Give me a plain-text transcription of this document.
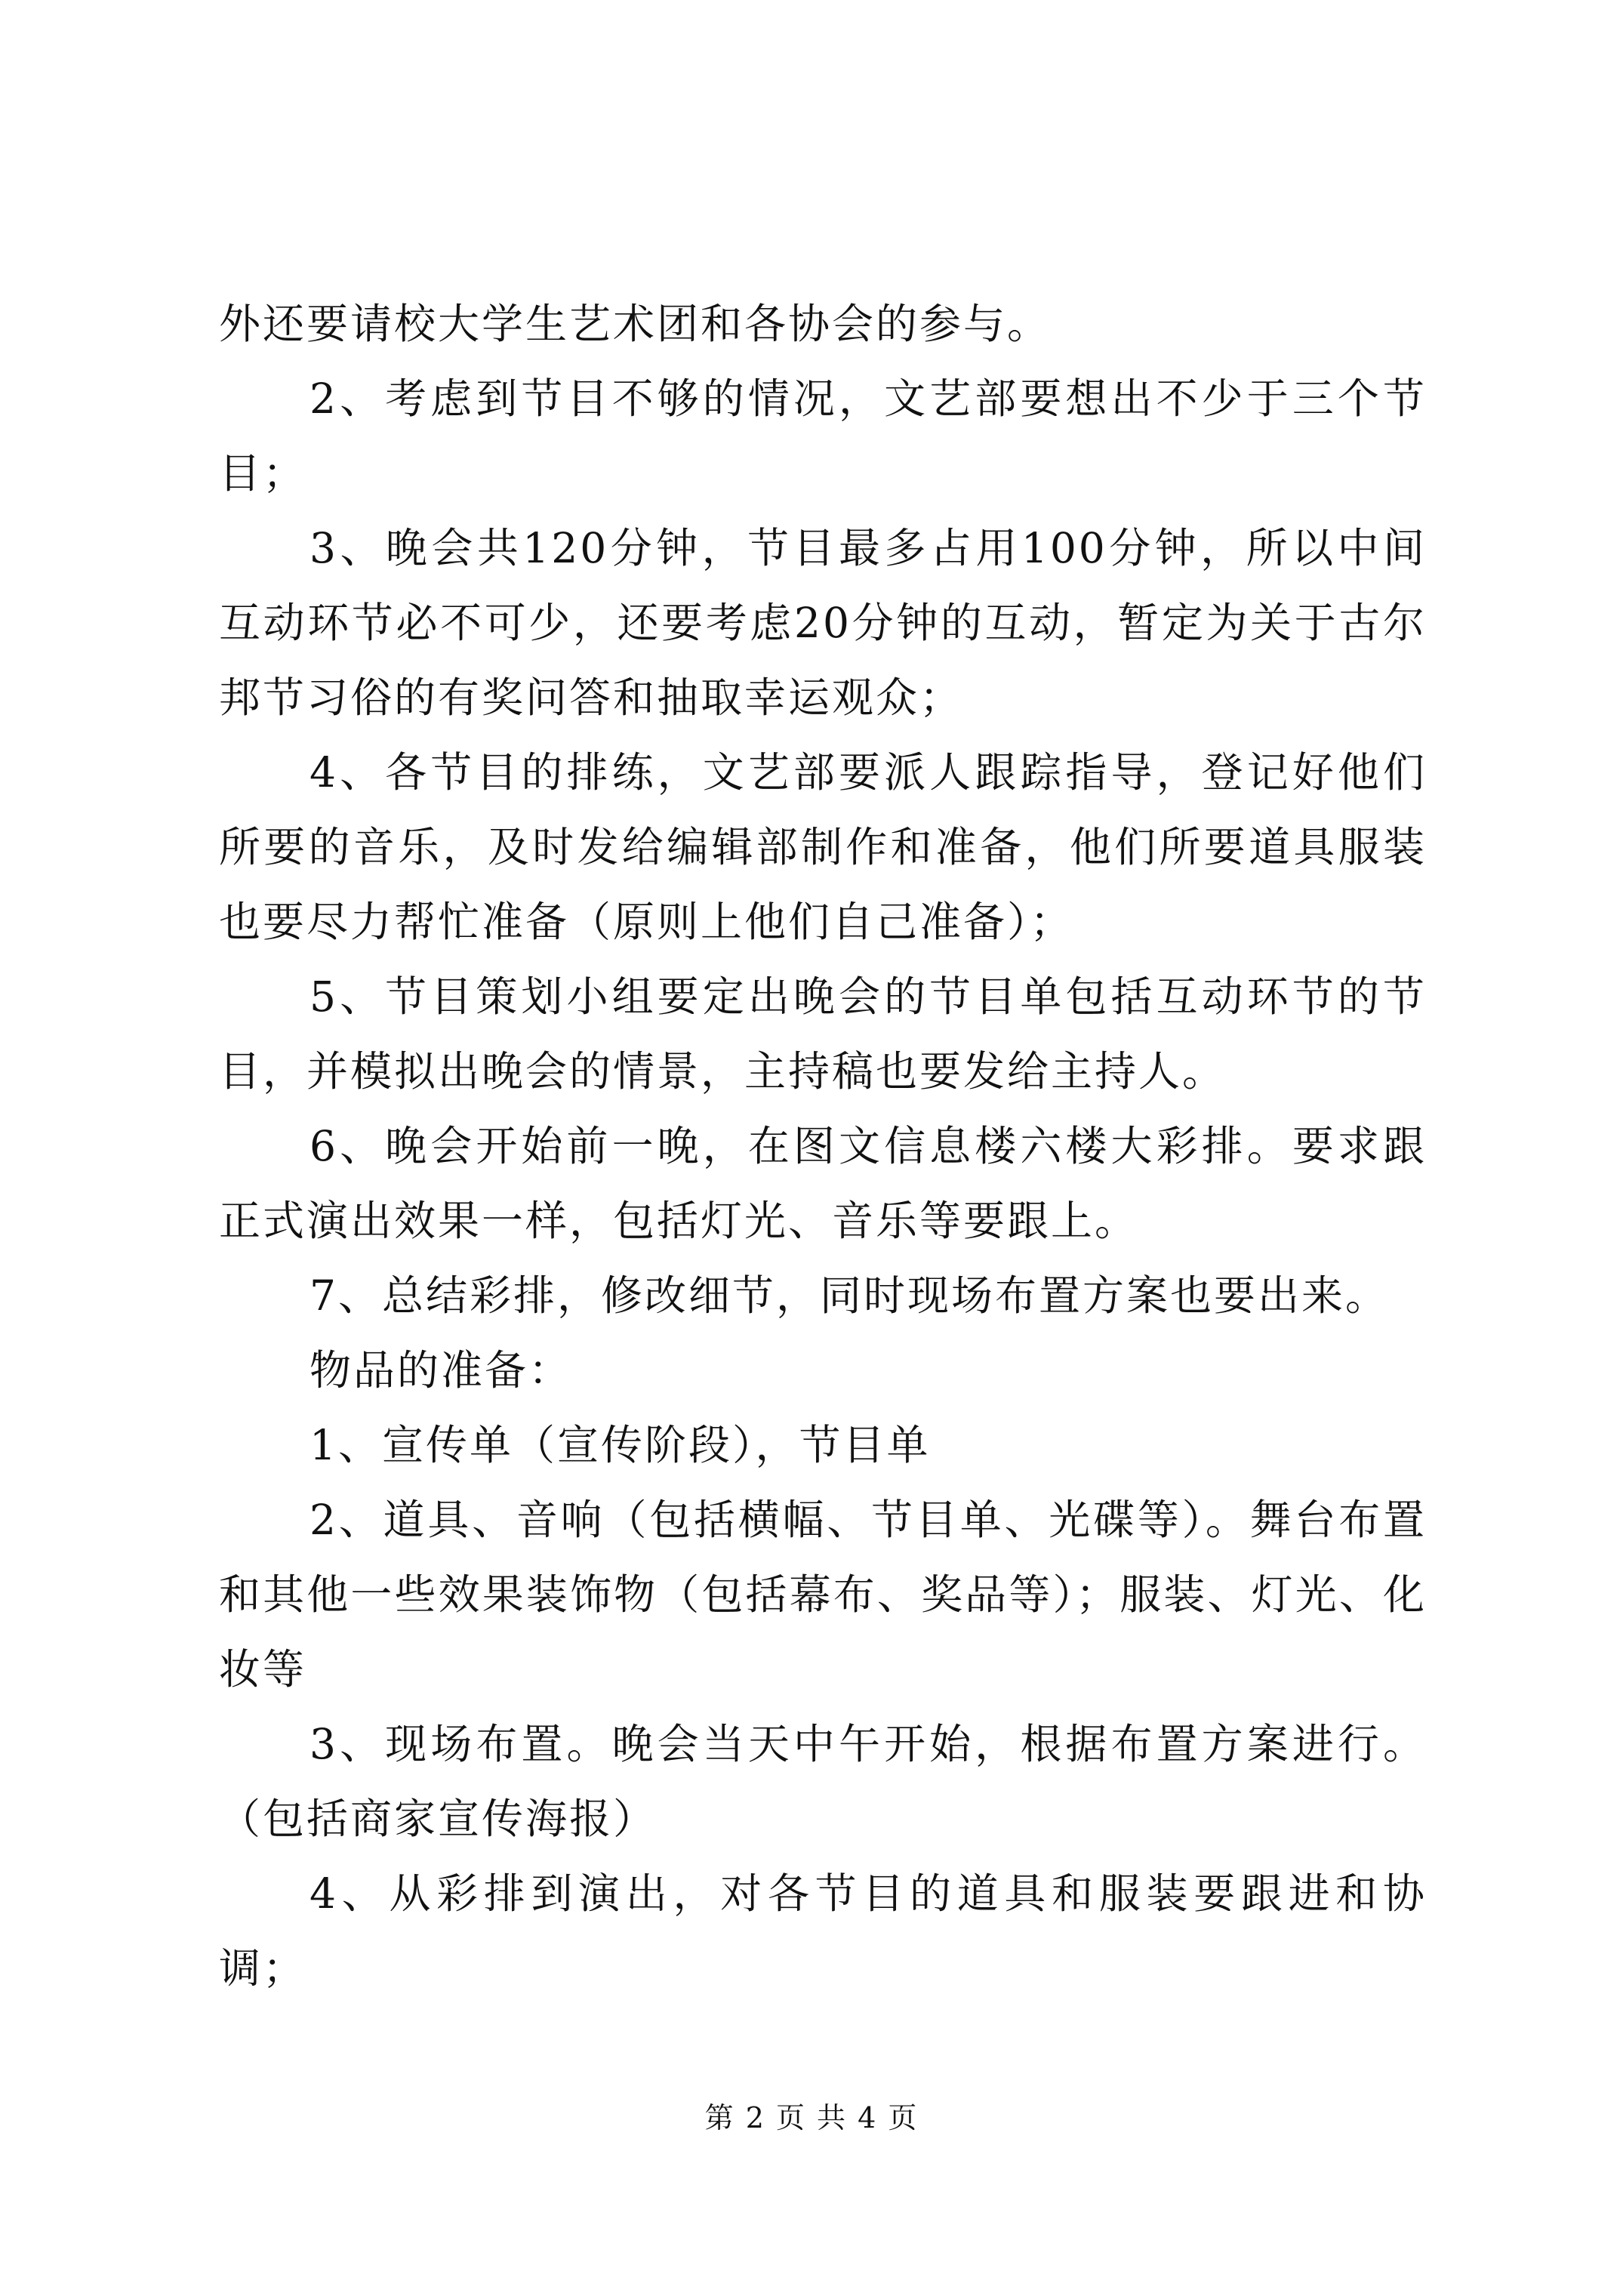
外还要请校大学生艺术团和各协会的参与。

2、考虑到节目不够的情况，文艺部要想出不少于三个节目；

3、晚会共120分钟，节目最多占用100分钟，所以中间互动环节必不可少，还要考虑20分钟的互动，暂定为关于古尔邦节习俗的有奖问答和抽取幸运观众；

4、各节目的排练，文艺部要派人跟踪指导，登记好他们所要的音乐，及时发给编辑部制作和准备，他们所要道具服装也要尽力帮忙准备（原则上他们自己准备）；

5、节目策划小组要定出晚会的节目单包括互动环节的节目，并模拟出晚会的情景，主持稿也要发给主持人。

6、晚会开始前一晚，在图文信息楼六楼大彩排。要求跟正式演出效果一样，包括灯光、音乐等要跟上。

7、总结彩排，修改细节，同时现场布置方案也要出来。

物品的准备：

1、宣传单（宣传阶段），节目单

2、道具、音响（包括横幅、节目单、光碟等）。舞台布置和其他一些效果装饰物（包括幕布、奖品等）；服装、灯光、化妆等

3、现场布置。晚会当天中午开始，根据布置方案进行。（包括商家宣传海报）

4、从彩排到演出，对各节目的道具和服装要跟进和协调；

第 2 页 共 4 页
